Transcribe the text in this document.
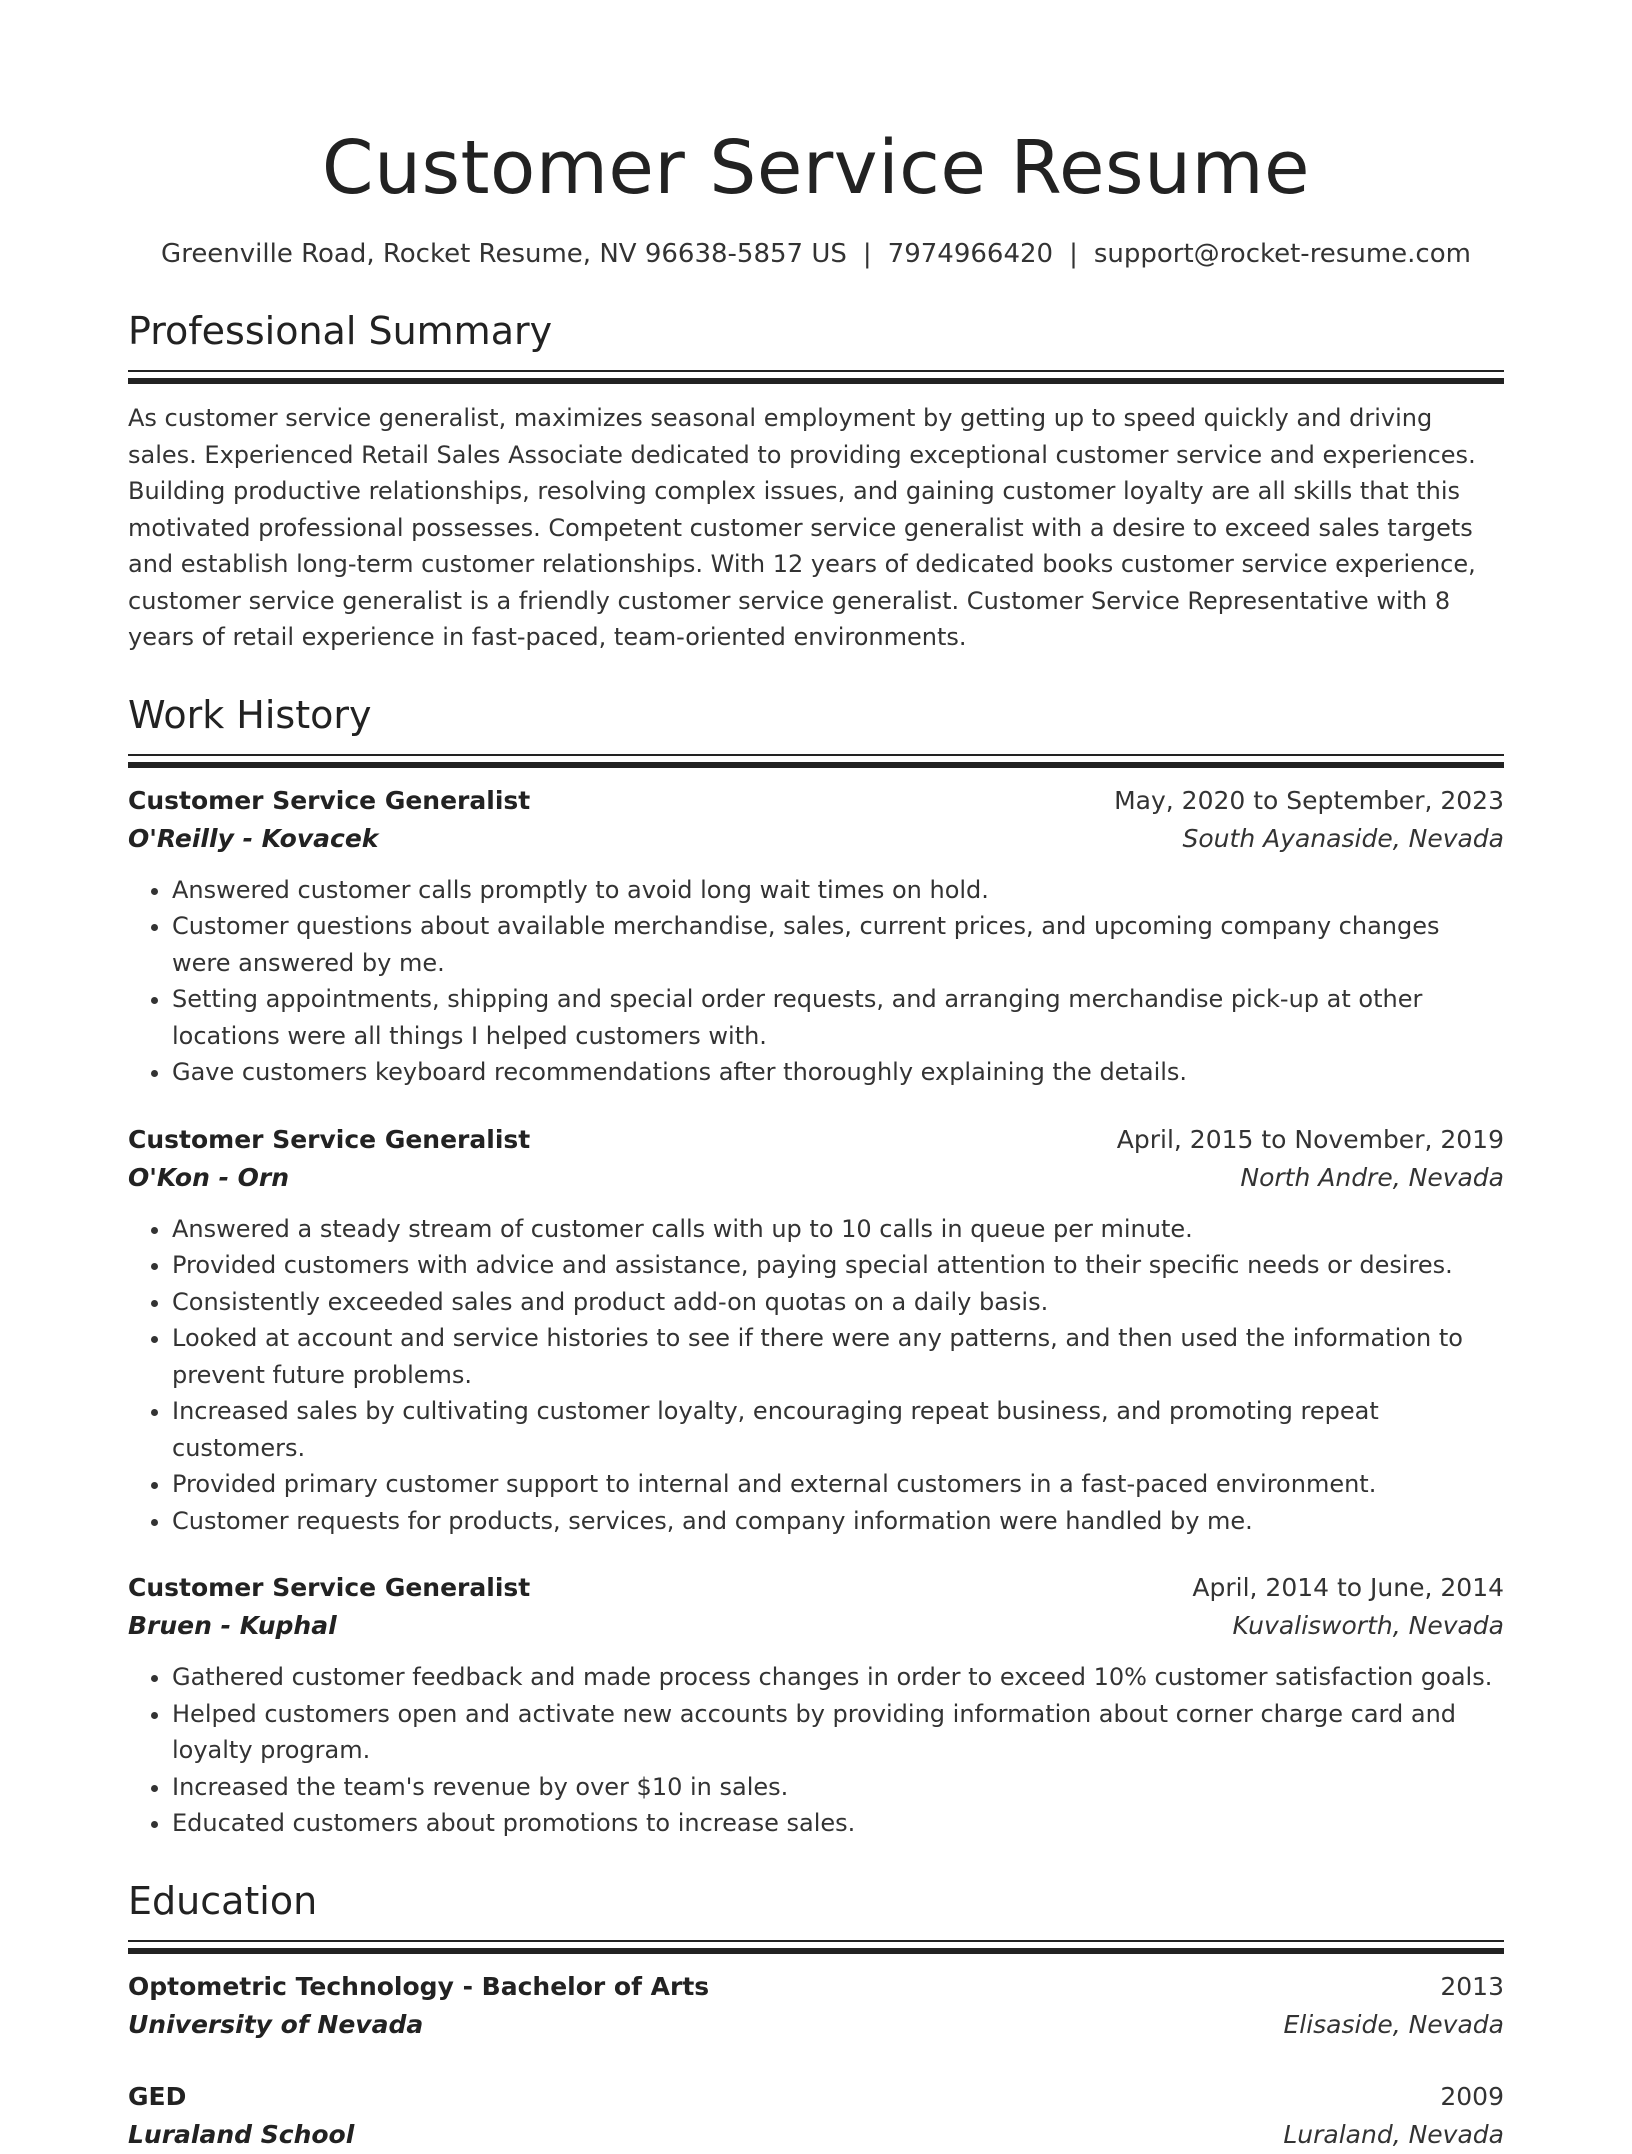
Customer Service Resume
Greenville Road, Rocket Resume, NV 96638-5857 US | 7974966420 | support@rocket-resume.com
Professional Summary
As customer service generalist, maximizes seasonal employment by getting up to speed quickly and driving sales. Experienced Retail Sales Associate dedicated to providing exceptional customer service and experiences. Building productive relationships, resolving complex issues, and gaining customer loyalty are all skills that this motivated professional possesses. Competent customer service generalist with a desire to exceed sales targets and establish long-term customer relationships. With 12 years of dedicated books customer service experience, customer service generalist is a friendly customer service generalist. Customer Service Representative with 8 years of retail experience in fast-paced, team-oriented environments.
Work History
Customer Service Generalist	May, 2020 to September, 2023
O'Reilly - Kovacek	South Ayanaside, Nevada
• Answered customer calls promptly to avoid long wait times on hold.
• Customer questions about available merchandise, sales, current prices, and upcoming company changes were answered by me.
• Setting appointments, shipping and special order requests, and arranging merchandise pick-up at other locations were all things I helped customers with.
• Gave customers keyboard recommendations after thoroughly explaining the details.
Customer Service Generalist	April, 2015 to November, 2019
O'Kon - Orn	North Andre, Nevada
• Answered a steady stream of customer calls with up to 10 calls in queue per minute.
• Provided customers with advice and assistance, paying special attention to their specific needs or desires.
• Consistently exceeded sales and product add-on quotas on a daily basis.
• Looked at account and service histories to see if there were any patterns, and then used the information to prevent future problems.
• Increased sales by cultivating customer loyalty, encouraging repeat business, and promoting repeat customers.
• Provided primary customer support to internal and external customers in a fast-paced environment.
• Customer requests for products, services, and company information were handled by me.
Customer Service Generalist	April, 2014 to June, 2014
Bruen - Kuphal	Kuvalisworth, Nevada
• Gathered customer feedback and made process changes in order to exceed 10% customer satisfaction goals.
• Helped customers open and activate new accounts by providing information about corner charge card and loyalty program.
• Increased the team's revenue by over $10 in sales.
• Educated customers about promotions to increase sales.
Education
Optometric Technology - Bachelor of Arts	2013
University of Nevada	Elisaside, Nevada
GED	2009
Luraland School	Luraland, Nevada
